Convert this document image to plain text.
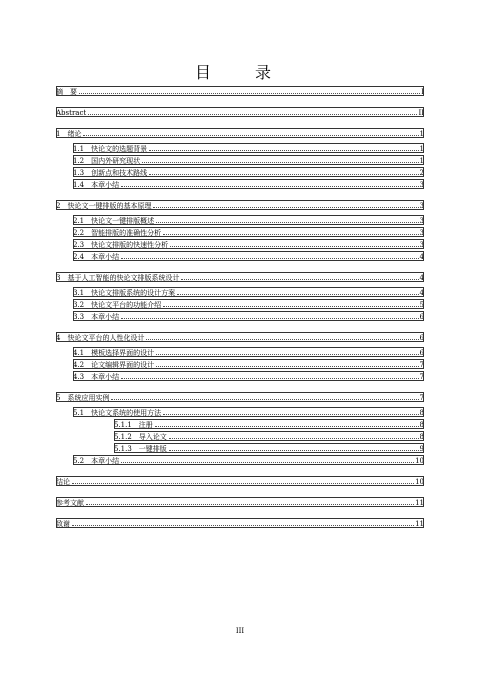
目　录
摘　要	I
Abstract	II
1　绪论	1
1.1　快论文的选题背景	1
1.2　国内外研究现状	1
1.3　创新点和技术路线	2
1.4　本章小结	3
2　快论文一键排版的基本原理	3
2.1　快论文一键排版概述	3
2.2　智能排版的准确性分析	3
2.3　快论文排版的快速性分析	3
2.4　本章小结	4
3　基于人工智能的快论文排版系统设计	4
3.1　快论文排版系统的设计方案	4
3.2　快论文平台的功能介绍	5
3.3　本章小结	6
4　快论文平台的人性化设计	6
4.1　模板选择界面的设计	6
4.2　论文编辑界面的设计	7
4.3　本章小结	7
5　系统应用实例	7
5.1　快论文系统的使用方法	8
5.1.1　注册	8
5.1.2　导入论文	8
5.1.3　一键排版	9
5.2　本章小结	10
结论	10
参考文献	11
致谢	11
III
